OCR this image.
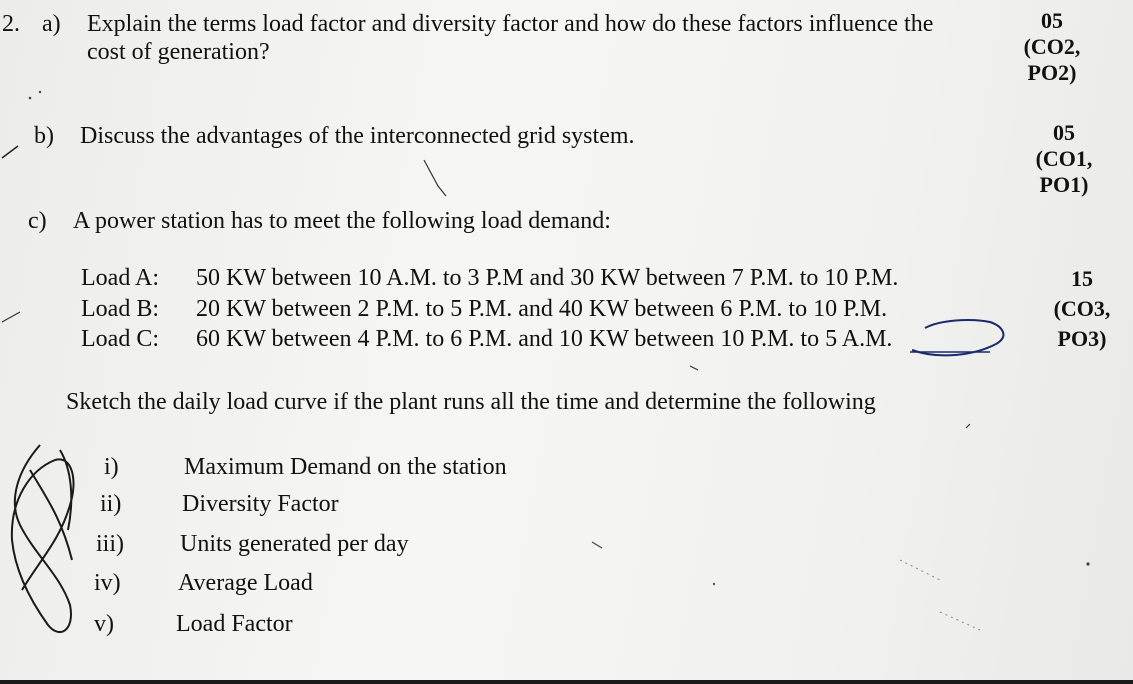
2. a) Explain the terms load factor and diversity factor and how do these factors influence the
cost of generation?
05
(CO2,
PO2)
b) Discuss the advantages of the interconnected grid system.	05
(CO1,
PO1)
c) A power station has to meet the following load demand:
Load A: 50 KW between 10 A.M. to 3 P.M and 30 KW between 7 P.M. to 10 P.M.
Load B: 20 KW between 2 P.M. to 5 P.M. and 40 KW between 6 P.M. to 10 P.M.
Load C: 60 KW between 4 P.M. to 6 P.M. and 10 KW between 10 P.M. to 5 A.M.
15
(CO3,
PO3)
Sketch the daily load curve if the plant runs all the time and determine the following
i)	Maximum Demand on the station
ii)	Diversity Factor
iii) Units generated per day
iv) Average Load
v)	Load Factor
